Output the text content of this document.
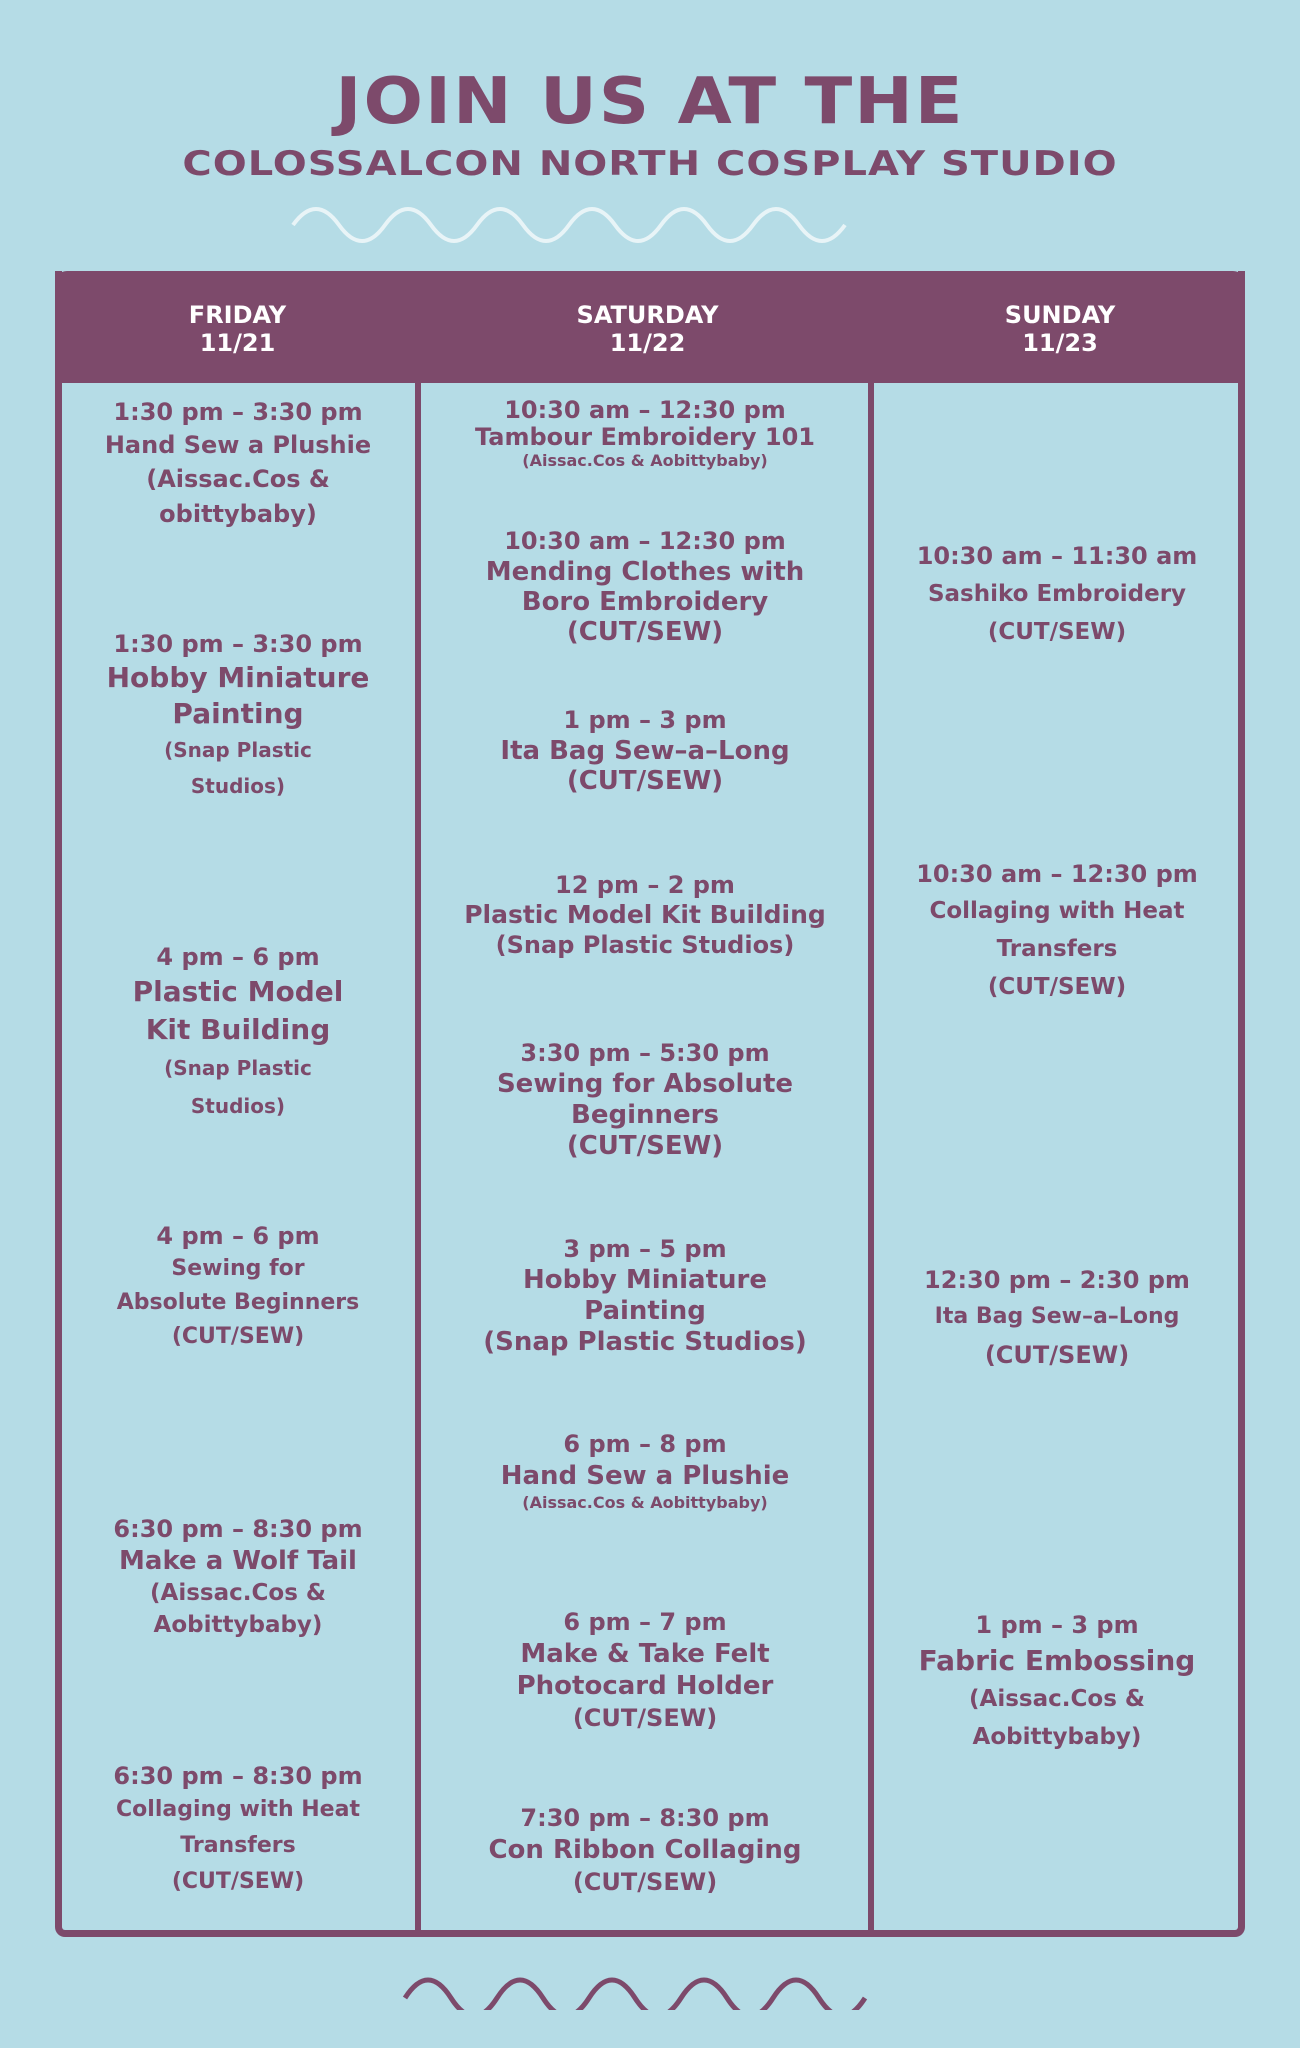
JOIN US AT THE
COLOSSALCON NORTH COSPLAY STUDIO
FRIDAY
11/21
SATURDAY
11/22
SUNDAY
11/23
1:30 pm – 3:30 pm
Hand Sew a Plushie
(Aissac.Cos &
obittybaby)
1:30 pm – 3:30 pm
Hobby Miniature
Painting
(Snap Plastic
Studios)
4 pm – 6 pm
Plastic Model
Kit Building
(Snap Plastic
Studios)
4 pm – 6 pm
Sewing for
Absolute Beginners
(CUT/SEW)
6:30 pm – 8:30 pm
Make a Wolf Tail
(Aissac.Cos &
Aobittybaby)
6:30 pm – 8:30 pm
Collaging with Heat
Transfers
(CUT/SEW)
10:30 am – 12:30 pm
Tambour Embroidery 101
(Aissac.Cos & Aobittybaby)
10:30 am – 12:30 pm
Mending Clothes with
Boro Embroidery
(CUT/SEW)
1 pm – 3 pm
Ita Bag Sew–a–Long
(CUT/SEW)
12 pm – 2 pm
Plastic Model Kit Building
(Snap Plastic Studios)
3:30 pm – 5:30 pm
Sewing for Absolute
Beginners
(CUT/SEW)
3 pm – 5 pm
Hobby Miniature
Painting
(Snap Plastic Studios)
6 pm – 8 pm
Hand Sew a Plushie
(Aissac.Cos & Aobittybaby)
6 pm – 7 pm
Make & Take Felt
Photocard Holder
(CUT/SEW)
7:30 pm – 8:30 pm
Con Ribbon Collaging
(CUT/SEW)
10:30 am – 11:30 am
Sashiko Embroidery
(CUT/SEW)
10:30 am – 12:30 pm
Collaging with Heat
Transfers
(CUT/SEW)
12:30 pm – 2:30 pm
Ita Bag Sew–a–Long
(CUT/SEW)
1 pm – 3 pm
Fabric Embossing
(Aissac.Cos &
Aobittybaby)
